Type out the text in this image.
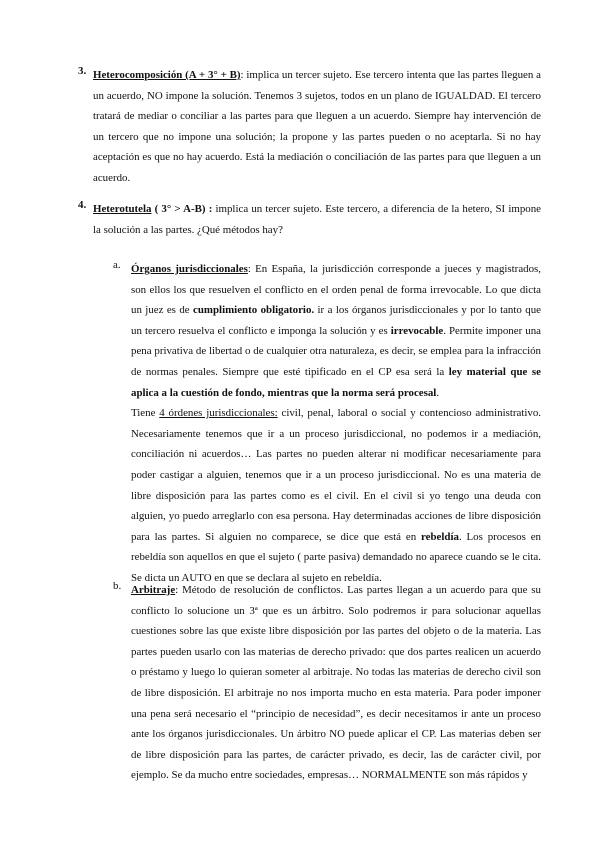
3. Heterocomposición (A + 3° + B): implica un tercer sujeto. Ese tercero intenta que las partes lleguen a un acuerdo, NO impone la solución. Tenemos 3 sujetos, todos en un plano de IGUALDAD. El tercero tratará de mediar o conciliar a las partes para que lleguen a un acuerdo. Siempre hay intervención de un tercero que no impone una solución; la propone y las partes pueden o no aceptarla. Si no hay aceptación es que no hay acuerdo. Está la mediación o conciliación de las partes para que lleguen a un acuerdo.

4. Heterotutela ( 3° > A-B) : implica un tercer sujeto. Este tercero, a diferencia de la hetero, SI impone la solución a las partes. ¿Qué métodos hay?

a. Órganos jurisdiccionales: En España, la jurisdicción corresponde a jueces y magistrados, son ellos los que resuelven el conflicto en el orden penal de forma irrevocable. Lo que dicta un juez es de cumplimiento obligatorio. ir a los órganos jurisdiccionales y por lo tanto que un tercero resuelva el conflicto e imponga la solución y es irrevocable. Permite imponer una pena privativa de libertad o de cualquier otra naturaleza, es decir, se emplea para la infracción de normas penales. Siempre que esté tipificado en el CP esa será la ley material que se aplica a la cuestión de fondo, mientras que la norma será procesal.

Tiene 4 órdenes jurisdiccionales: civil, penal, laboral o social y contencioso administrativo. Necesariamente tenemos que ir a un proceso jurisdiccional, no podemos ir a mediación, conciliación ni acuerdos… Las partes no pueden alterar ni modificar necesariamente para poder castigar a alguien, tenemos que ir a un proceso jurisdiccional. No es una materia de libre disposición para las partes como es el civil. En el civil si yo tengo una deuda con alguien, yo puedo arreglarlo con esa persona. Hay determinadas acciones de libre disposición para las partes. Si alguien no comparece, se dice que está en rebeldía. Los procesos en rebeldía son aquellos en que el sujeto ( parte pasiva) demandado no aparece cuando se le cita. Se dicta un AUTO en que se declara al sujeto en rebeldía.

b. Arbitraje: Método de resolución de conflictos. Las partes llegan a un acuerdo para que su conflicto lo solucione un 3ª que es un árbitro. Solo podremos ir para solucionar aquellas cuestiones sobre las que existe libre disposición por las partes del objeto o de la materia. Las partes pueden usarlo con las materias de derecho privado: que dos partes realicen un acuerdo o préstamo y luego lo quieran someter al arbitraje. No todas las materias de derecho civil son de libre disposición. El arbitraje no nos importa mucho en esta materia. Para poder imponer una pena será necesario el “principio de necesidad”, es decir necesitamos ir ante un proceso ante los órganos jurisdiccionales. Un árbitro NO puede aplicar el CP. Las materias deben ser de libre disposición para las partes, de carácter privado, es decir, las de carácter civil, por ejemplo. Se da mucho entre sociedades, empresas… NORMALMENTE son más rápidos y
